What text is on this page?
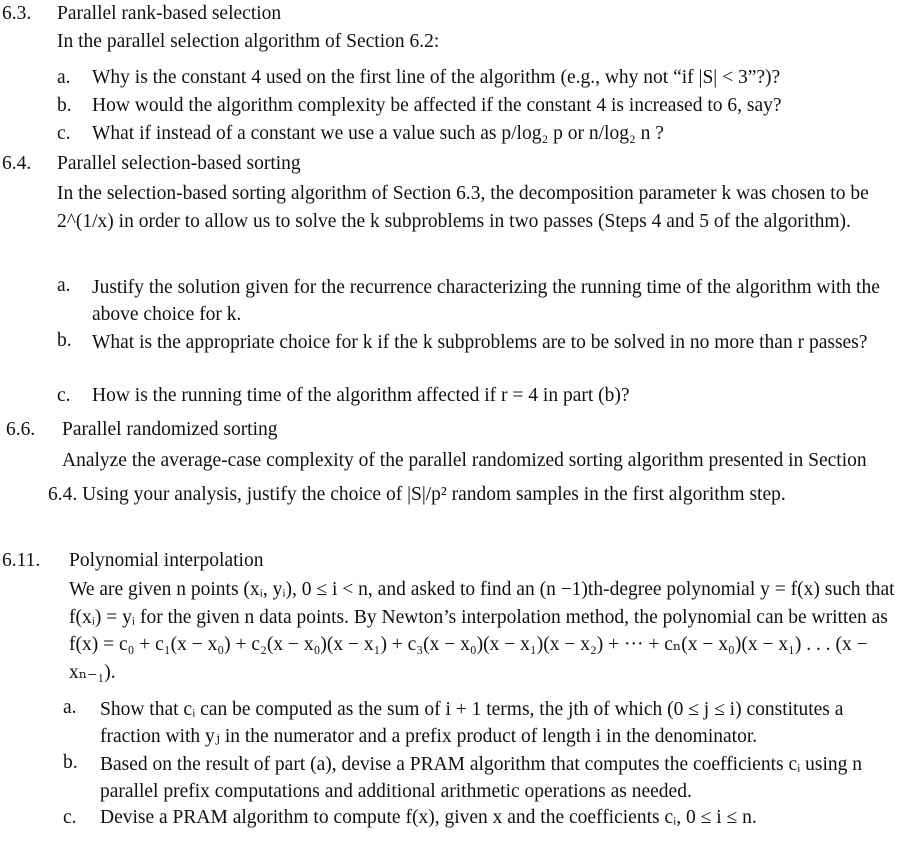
6.3. Parallel rank-based selection
In the parallel selection algorithm of Section 6.2:
a. Why is the constant 4 used on the first line of the algorithm (e.g., why not “if |S| < 3”?)?
b. How would the algorithm complexity be affected if the constant 4 is increased to 6, say?
c. What if instead of a constant we use a value such as p/log₂ p or n/log₂ n ?
6.4. Parallel selection-based sorting
In the selection-based sorting algorithm of Section 6.3, the decomposition parameter k was chosen to be 2^(1/x) in order to allow us to solve the k subproblems in two passes (Steps 4 and 5 of the algorithm).
a. Justify the solution given for the recurrence characterizing the running time of the algorithm with the above choice for k.
b. What is the appropriate choice for k if the k subproblems are to be solved in no more than r passes?
c. How is the running time of the algorithm affected if r = 4 in part (b)?
6.6. Parallel randomized sorting
Analyze the average-case complexity of the parallel randomized sorting algorithm presented in Section 6.4. Using your analysis, justify the choice of |S|/p² random samples in the first algorithm step.
6.11. Polynomial interpolation
We are given n points (xᵢ, yᵢ), 0 ≤ i < n, and asked to find an (n −1)th-degree polynomial y = f(x) such that f(xᵢ) = yᵢ for the given n data points. By Newton’s interpolation method, the polynomial can be written as f(x) = c₀ + c₁(x − x₀) + c₂(x − x₀)(x − x₁) + c₃(x − x₀)(x − x₁)(x − x₂) + ··· + cₙ(x − x₀)(x − x₁) . . . (x − xₙ₋₁).
a. Show that cᵢ can be computed as the sum of i + 1 terms, the jth of which (0 ≤ j ≤ i) constitutes a fraction with yⱼ in the numerator and a prefix product of length i in the denominator.
b. Based on the result of part (a), devise a PRAM algorithm that computes the coefficients cᵢ using n parallel prefix computations and additional arithmetic operations as needed.
c. Devise a PRAM algorithm to compute f(x), given x and the coefficients cᵢ, 0 ≤ i ≤ n.
